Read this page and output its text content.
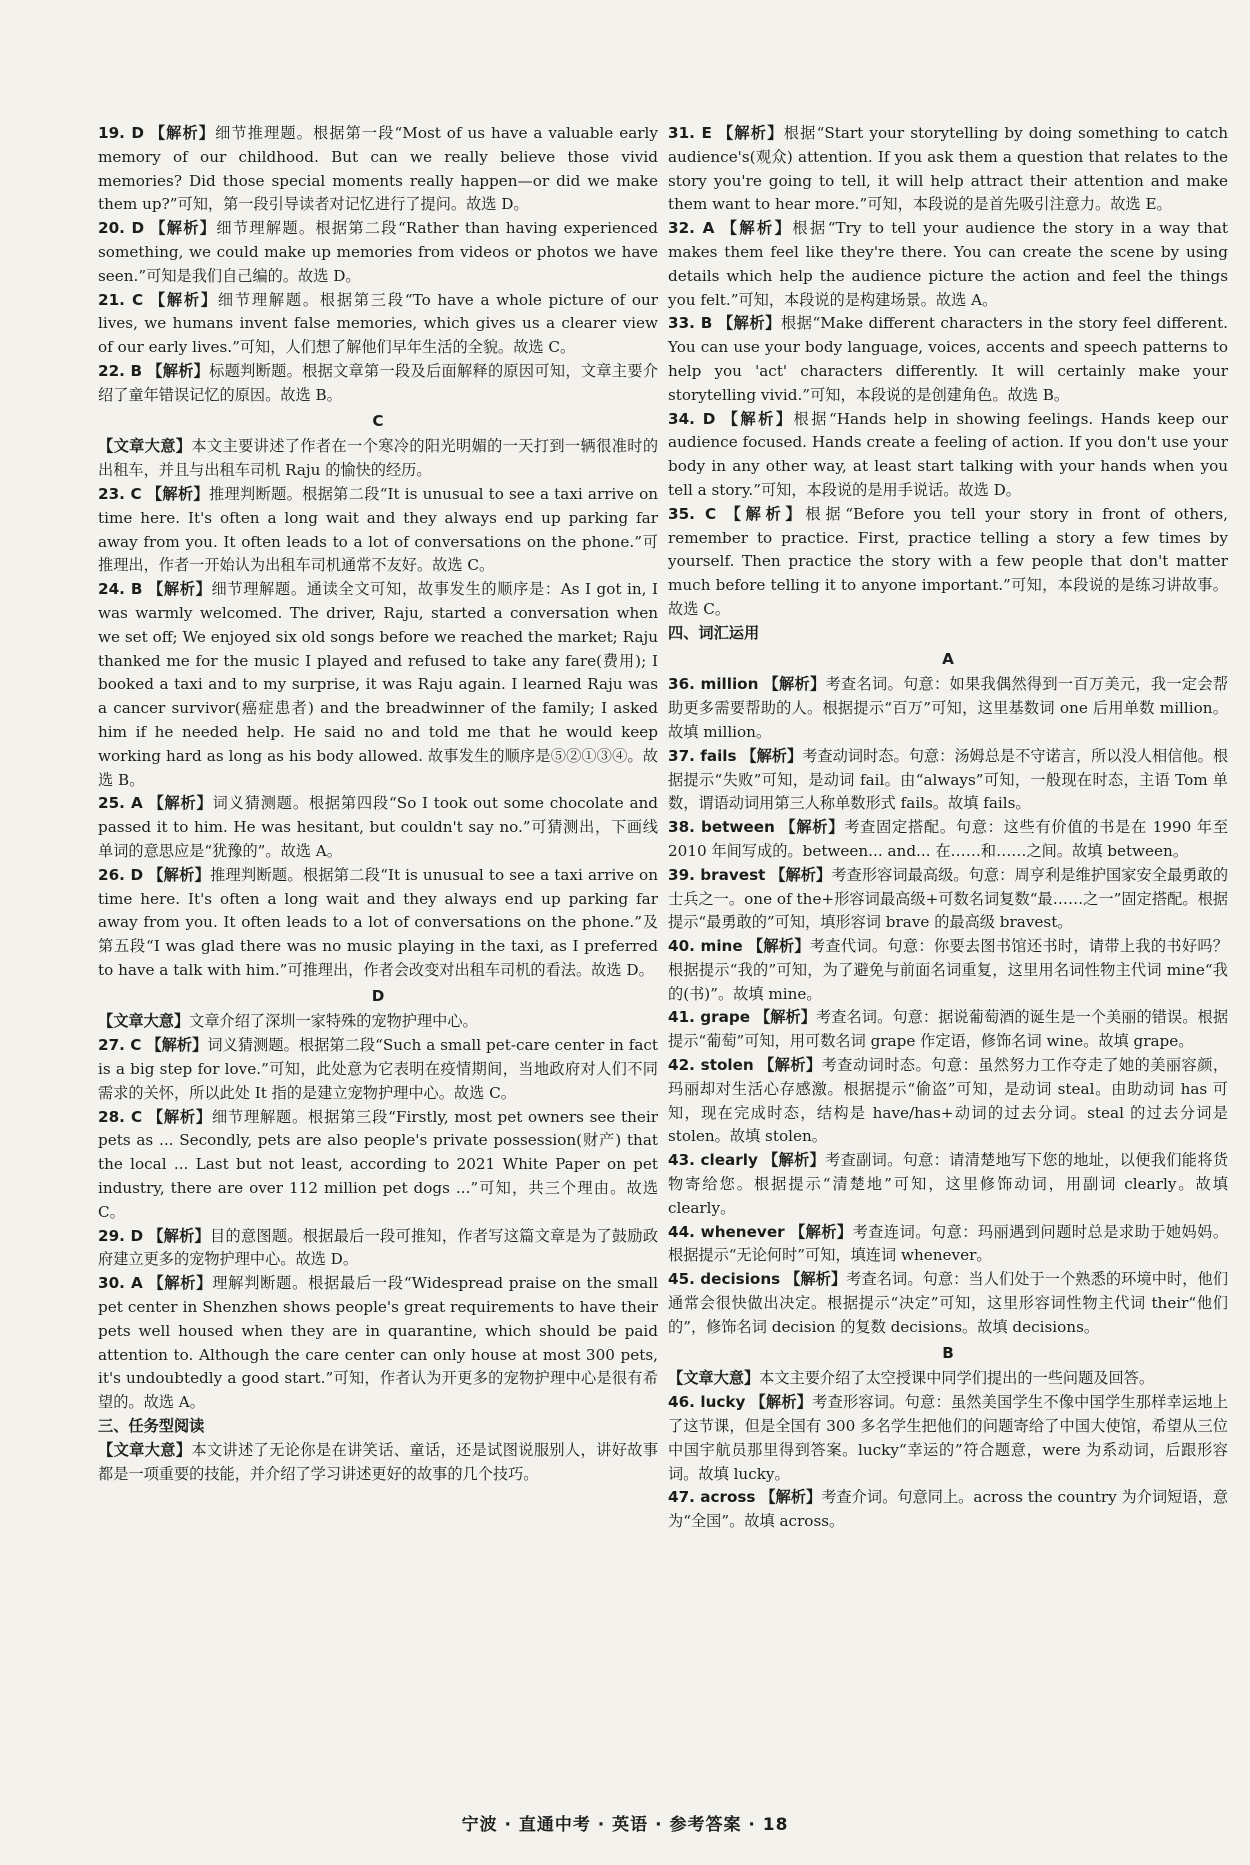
19. D 【解析】细节推理题。根据第一段“Most of us have a valuable early memory of our childhood. But can we really believe those vivid memories? Did those special moments really happen—or did we make them up?”可知，第一段引导读者对记忆进行了提问。故选 D。

20. D 【解析】细节理解题。根据第二段“Rather than having experienced something, we could make up memories from videos or photos we have seen.”可知是我们自己编的。故选 D。

21. C 【解析】细节理解题。根据第三段“To have a whole picture of our lives, we humans invent false memories, which gives us a clearer view of our early lives.”可知，人们想了解他们早年生活的全貌。故选 C。

22. B 【解析】标题判断题。根据文章第一段及后面解释的原因可知，文章主要介绍了童年错误记忆的原因。故选 B。

C

【文章大意】本文主要讲述了作者在一个寒冷的阳光明媚的一天打到一辆很准时的出租车，并且与出租车司机 Raju 的愉快的经历。

23. C 【解析】推理判断题。根据第二段“It is unusual to see a taxi arrive on time here. It's often a long wait and they always end up parking far away from you. It often leads to a lot of conversations on the phone.”可推理出，作者一开始认为出租车司机通常不友好。故选 C。

24. B 【解析】细节理解题。通读全文可知，故事发生的顺序是：As I got in, I was warmly welcomed. The driver, Raju, started a conversation when we set off; We enjoyed six old songs before we reached the market; Raju thanked me for the music I played and refused to take any fare(费用); I booked a taxi and to my surprise, it was Raju again. I learned Raju was a cancer survivor(癌症患者) and the breadwinner of the family; I asked him if he needed help. He said no and told me that he would keep working hard as long as his body allowed. 故事发生的顺序是⑤②①③④。故选 B。

25. A 【解析】词义猜测题。根据第四段“So I took out some chocolate and passed it to him. He was hesitant, but couldn't say no.”可猜测出，下画线单词的意思应是“犹豫的”。故选 A。

26. D 【解析】推理判断题。根据第二段“It is unusual to see a taxi arrive on time here. It's often a long wait and they always end up parking far away from you. It often leads to a lot of conversations on the phone.”及第五段“I was glad there was no music playing in the taxi, as I preferred to have a talk with him.”可推理出，作者会改变对出租车司机的看法。故选 D。

D

【文章大意】文章介绍了深圳一家特殊的宠物护理中心。

27. C 【解析】词义猜测题。根据第二段“Such a small pet-care center in fact is a big step for love.”可知，此处意为它表明在疫情期间，当地政府对人们不同需求的关怀，所以此处 It 指的是建立宠物护理中心。故选 C。

28. C 【解析】细节理解题。根据第三段“Firstly, most pet owners see their pets as ... Secondly, pets are also people's private possession(财产) that the local ... Last but not least, according to 2021 White Paper on pet industry, there are over 112 million pet dogs ...”可知，共三个理由。故选 C。

29. D 【解析】目的意图题。根据最后一段可推知，作者写这篇文章是为了鼓励政府建立更多的宠物护理中心。故选 D。

30. A 【解析】理解判断题。根据最后一段“Widespread praise on the small pet center in Shenzhen shows people's great requirements to have their pets well housed when they are in quarantine, which should be paid attention to. Although the care center can only house at most 300 pets, it's undoubtedly a good start.”可知，作者认为开更多的宠物护理中心是很有希望的。故选 A。

三、任务型阅读

【文章大意】本文讲述了无论你是在讲笑话、童话，还是试图说服别人，讲好故事都是一项重要的技能，并介绍了学习讲述更好的故事的几个技巧。

31. E 【解析】根据“Start your storytelling by doing something to catch audience's(观众) attention. If you ask them a question that relates to the story you're going to tell, it will help attract their attention and make them want to hear more.”可知，本段说的是首先吸引注意力。故选 E。

32. A 【解析】根据“Try to tell your audience the story in a way that makes them feel like they're there. You can create the scene by using details which help the audience picture the action and feel the things you felt.”可知，本段说的是构建场景。故选 A。

33. B 【解析】根据“Make different characters in the story feel different. You can use your body language, voices, accents and speech patterns to help you 'act' characters differently. It will certainly make your storytelling vivid.”可知，本段说的是创建角色。故选 B。

34. D 【解析】根据“Hands help in showing feelings. Hands keep our audience focused. Hands create a feeling of action. If you don't use your body in any other way, at least start talking with your hands when you tell a story.”可知，本段说的是用手说话。故选 D。

35. C 【解析】根据“Before you tell your story in front of others, remember to practice. First, practice telling a story a few times by yourself. Then practice the story with a few people that don't matter much before telling it to anyone important.”可知，本段说的是练习讲故事。故选 C。

四、词汇运用

A

36. million 【解析】考查名词。句意：如果我偶然得到一百万美元，我一定会帮助更多需要帮助的人。根据提示“百万”可知，这里基数词 one 后用单数 million。故填 million。

37. fails 【解析】考查动词时态。句意：汤姆总是不守诺言，所以没人相信他。根据提示“失败”可知，是动词 fail。由“always”可知，一般现在时态，主语 Tom 单数，谓语动词用第三人称单数形式 fails。故填 fails。

38. between 【解析】考查固定搭配。句意：这些有价值的书是在 1990 年至 2010 年间写成的。between... and... 在……和……之间。故填 between。

39. bravest 【解析】考查形容词最高级。句意：周亨利是维护国家安全最勇敢的士兵之一。one of the+形容词最高级+可数名词复数“最……之一”固定搭配。根据提示“最勇敢的”可知，填形容词 brave 的最高级 bravest。

40. mine 【解析】考查代词。句意：你要去图书馆还书时，请带上我的书好吗？根据提示“我的”可知，为了避免与前面名词重复，这里用名词性物主代词 mine“我的(书)”。故填 mine。

41. grape 【解析】考查名词。句意：据说葡萄酒的诞生是一个美丽的错误。根据提示“葡萄”可知，用可数名词 grape 作定语，修饰名词 wine。故填 grape。

42. stolen 【解析】考查动词时态。句意：虽然努力工作夺走了她的美丽容颜，玛丽却对生活心存感激。根据提示“偷盗”可知，是动词 steal。由助动词 has 可知，现在完成时态，结构是 have/has+动词的过去分词。steal 的过去分词是 stolen。故填 stolen。

43. clearly 【解析】考查副词。句意：请清楚地写下您的地址，以便我们能将货物寄给您。根据提示“清楚地”可知，这里修饰动词，用副词 clearly。故填 clearly。

44. whenever 【解析】考查连词。句意：玛丽遇到问题时总是求助于她妈妈。根据提示“无论何时”可知，填连词 whenever。

45. decisions 【解析】考查名词。句意：当人们处于一个熟悉的环境中时，他们通常会很快做出决定。根据提示“决定”可知，这里形容词性物主代词 their“他们的”，修饰名词 decision 的复数 decisions。故填 decisions。

B

【文章大意】本文主要介绍了太空授课中同学们提出的一些问题及回答。

46. lucky 【解析】考查形容词。句意：虽然美国学生不像中国学生那样幸运地上了这节课，但是全国有 300 多名学生把他们的问题寄给了中国大使馆，希望从三位中国宇航员那里得到答案。lucky“幸运的”符合题意，were 为系动词，后跟形容词。故填 lucky。

47. across 【解析】考查介词。句意同上。across the country 为介词短语，意为“全国”。故填 across。

宁波 · 直通中考 · 英语 · 参考答案 · 18
